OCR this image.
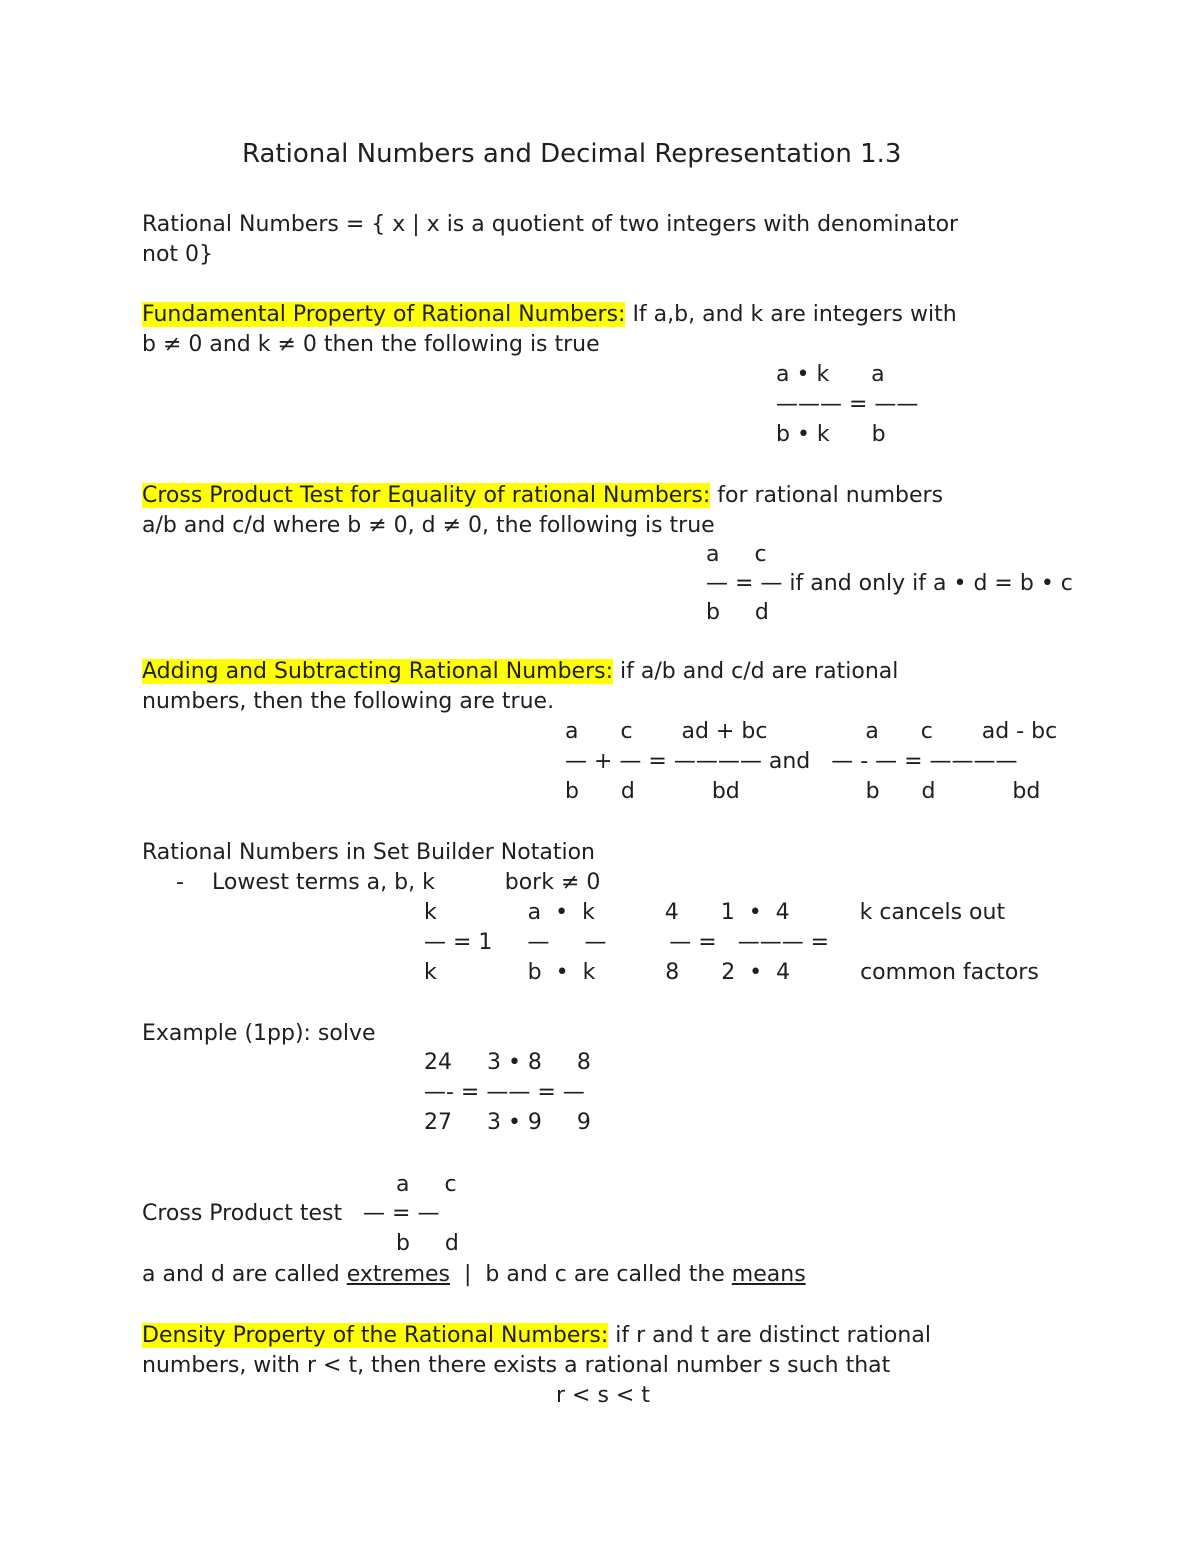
Rational Numbers and Decimal Representation 1.3
Rational Numbers = { x | x is a quotient of two integers with denominator
not 0}
Fundamental Property of Rational Numbers: If a,b, and k are integers with
b ≠ 0 and k ≠ 0 then the following is true
a • k      a
——— = ——
b • k      b
Cross Product Test for Equality of rational Numbers: for rational numbers
a/b and c/d where b ≠ 0, d ≠ 0, the following is true
a     c
— = — if and only if a • d = b • c
b     d
Adding and Subtracting Rational Numbers: if a/b and c/d are rational
numbers, then the following are true.
a      c       ad + bc              a      c       ad - bc
— + — = ———— and   — - — = ————
b      d           bd                  b      d           bd
Rational Numbers in Set Builder Notation
- Lowest terms a, b, k          bork ≠ 0
k             a  •  k          4      1  •  4          k cancels out
— = 1     —     —         — =   ——— =
k             b  •  k          8      2  •  4          common factors
Example (1pp): solve
24     3 • 8     8
—- = —— = —
27     3 • 9     9
a     c
Cross Product test   — = —
b     d
a and d are called extremes  |  b and c are called the means
Density Property of the Rational Numbers: if r and t are distinct rational
numbers, with r < t, then there exists a rational number s such that
r < s < t
